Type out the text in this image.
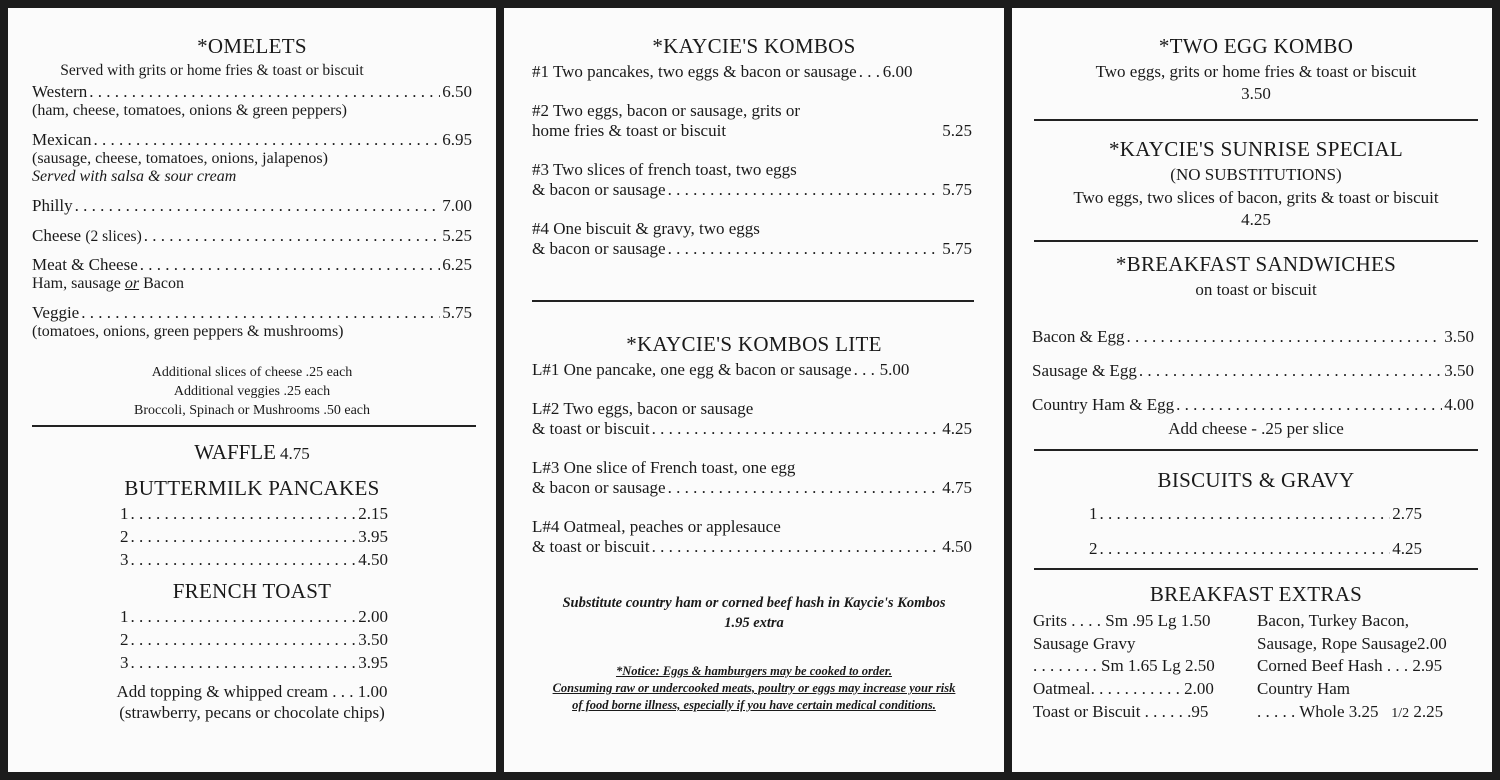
*OMELETS
Served with grits or home fries & toast or biscuit
Western . . .	6.50
(ham, cheese, tomatoes, onions & green peppers)
Mexican . . .	6.95
(sausage, cheese, tomatoes, onions, jalapenos)
Served with salsa & sour cream
Philly . . .	7.00
Cheese (2 slices) . . .	5.25
Meat & Cheese . . .	6.25
Ham, sausage or Bacon
Veggie . . .	5.75
(tomatoes, onions, green peppers & mushrooms)
Additional slices of cheese .25 each
Additional veggies .25 each
Broccoli, Spinach or Mushrooms .50 each
WAFFLE 4.75
BUTTERMILK PANCAKES
1 . . .	2.15
2 . . .	3.95
3 . . .	4.50
FRENCH TOAST
1 . . .	2.00
2 . . .	3.50
3 . . .	3.95
Add topping & whipped cream . . . 1.00
(strawberry, pecans or chocolate chips)
*KAYCIE'S KOMBOS
#1 Two pancakes, two eggs & bacon or sausage . . . 6.00
#2 Two eggs, bacon or sausage, grits or
home fries & toast or biscuit	5.25
#3 Two slices of french toast, two eggs
& bacon or sausage . . .	5.75
#4 One biscuit & gravy, two eggs
& bacon or sausage . . .	5.75
*KAYCIE'S KOMBOS LITE
L#1 One pancake, one egg & bacon or sausage . . . 5.00
L#2 Two eggs, bacon or sausage
& toast or biscuit . . .	4.25
L#3 One slice of French toast, one egg
& bacon or sausage . . .	4.75
L#4 Oatmeal, peaches or applesauce
& toast or biscuit . . .	4.50
Substitute country ham or corned beef hash in Kaycie's Kombos
1.95 extra
*Notice: Eggs & hamburgers may be cooked to order.
Consuming raw or undercooked meats, poultry or eggs may increase your risk
of food borne illness, especially if you have certain medical conditions.
*TWO EGG KOMBO
Two eggs, grits or home fries & toast or biscuit
3.50
*KAYCIE'S SUNRISE SPECIAL
(NO SUBSTITUTIONS)
Two eggs, two slices of bacon, grits & toast or biscuit
4.25
*BREAKFAST SANDWICHES
on toast or biscuit
Bacon & Egg . . .	3.50
Sausage & Egg . . .	3.50
Country Ham & Egg . . .	4.00
Add cheese - .25 per slice
BISCUITS & GRAVY
1 . . .	2.75
2 . . .	4.25
BREAKFAST EXTRAS
Grits . . . . Sm .95 Lg 1.50
Sausage Gravy
. . . . . . . . Sm 1.65 Lg 2.50
Oatmeal. . . . . . . . . . . 2.00
Toast or Biscuit . . . . . .95
Bacon, Turkey Bacon,
Sausage, Rope Sausage2.00
Corned Beef Hash . . . 2.95
Country Ham
. . . . . Whole 3.25 1/2 2.25
